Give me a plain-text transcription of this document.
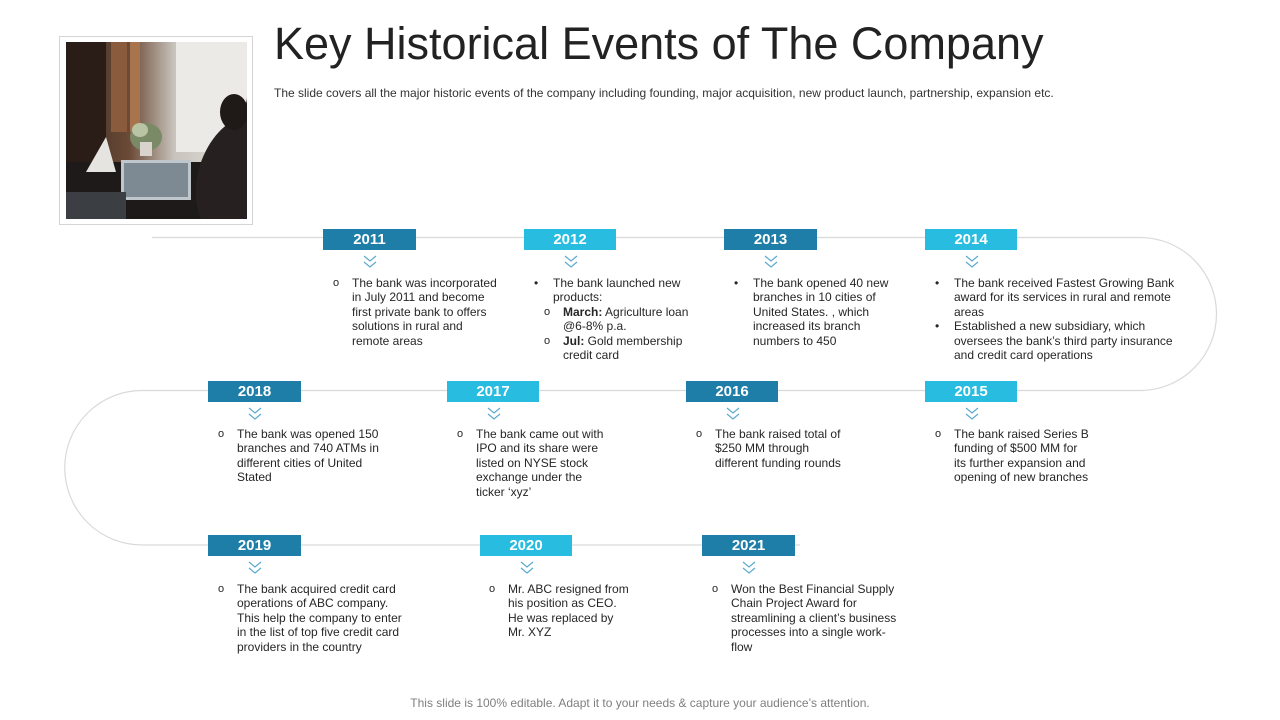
Key Historical Events of The Company
The slide covers all the major historic events of the company including founding, major acquisition, new product launch, partnership, expansion etc.
2011
o The bank was incorporated in July 2011 and become first private bank to offers solutions in rural and remote areas
2012
• The bank launched new products:
o March: Agriculture loan @6-8% p.a.
o Jul: Gold membership credit card
2013
• The bank opened 40 new branches in 10 cities of United States. , which increased its branch numbers to 450
2014
• The bank received Fastest Growing Bank award for its services in rural and remote areas
• Established a new subsidiary, which oversees the bank’s third party insurance and credit card operations
2018
o The bank was opened 150 branches and 740 ATMs in different cities of United Stated
2017
o The bank came out with IPO and its share were listed on NYSE stock exchange under the ticker ‘xyz’
2016
o The bank raised total of $250 MM through different funding rounds
2015
o The bank raised Series B funding of $500 MM for its further expansion and opening of new branches
2019
o The bank acquired credit card operations of ABC company. This help the company to enter in the list of top five credit card providers in the country
2020
o Mr. ABC resigned from his position as CEO. He was replaced by Mr. XYZ
2021
o Won the Best Financial Supply Chain Project Award for streamlining a client’s business processes into a single work-flow
This slide is 100% editable. Adapt it to your needs & capture your audience’s attention.
